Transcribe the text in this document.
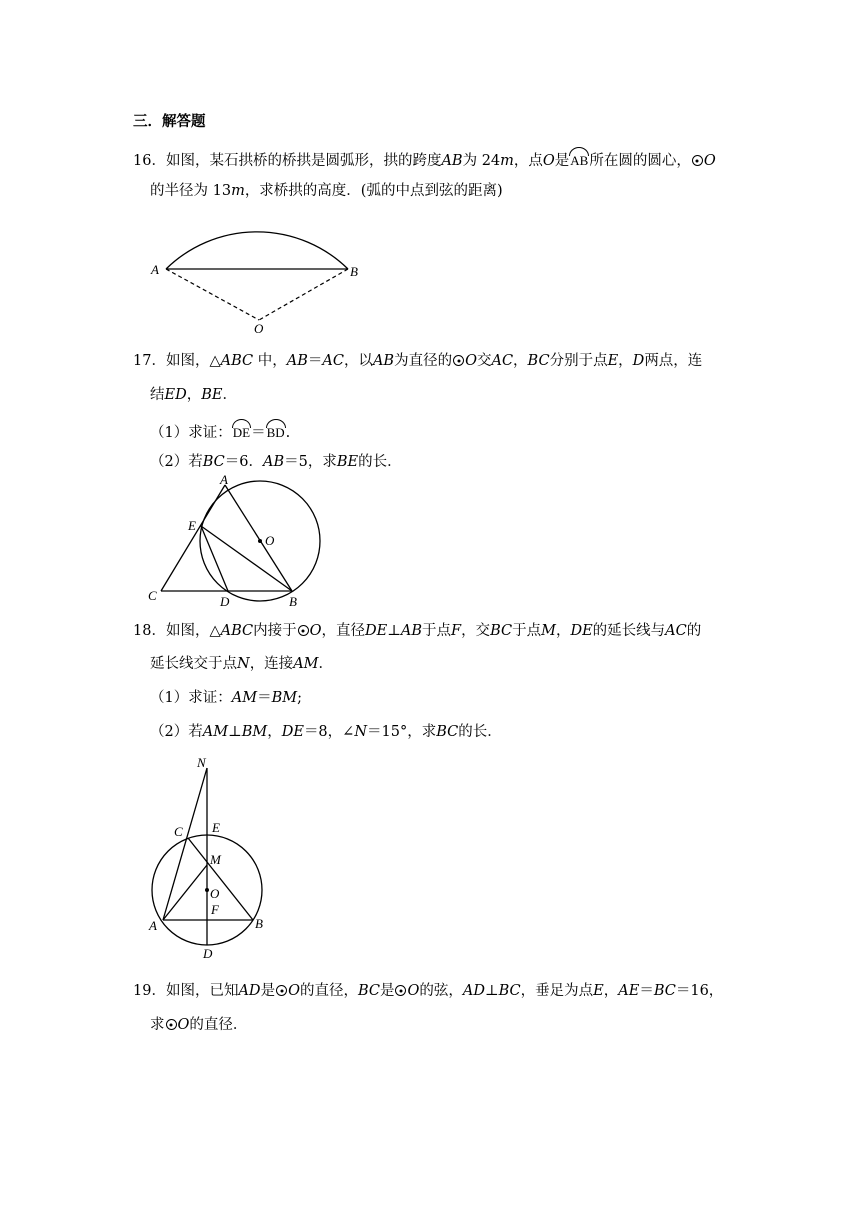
三．解答题
16．如图，某石拱桥的桥拱是圆弧形，拱的跨度AB为 24m，点O是AB所在圆的圆心， O
的半径为 13m，求桥拱的高度．(弧的中点到弦的距离)
A	B
O
17．如图，△ABC 中，AB＝AC，以AB为直径的 O交AC，BC分别于点E，D两点，连
结ED，BE．
（1）求证：DE＝BD.
（2）若BC＝6．AB＝5，求BE的长．
A
E
O
C	D	B
18．如图，△ABC内接于 O，直径DE⊥AB于点F，交BC于点M，DE的延长线与AC的
延长线交于点N，连接AM．
（1）求证：AM＝BM;
（2）若AM⊥BM，DE＝8，∠N＝15°，求BC的长．
N
C E
M
O
F
A	B
D
19．如图，已知AD是 O的直径，BC是 O的弦，AD⊥BC，垂足为点E，AE＝BC＝16，
求 O的直径．
